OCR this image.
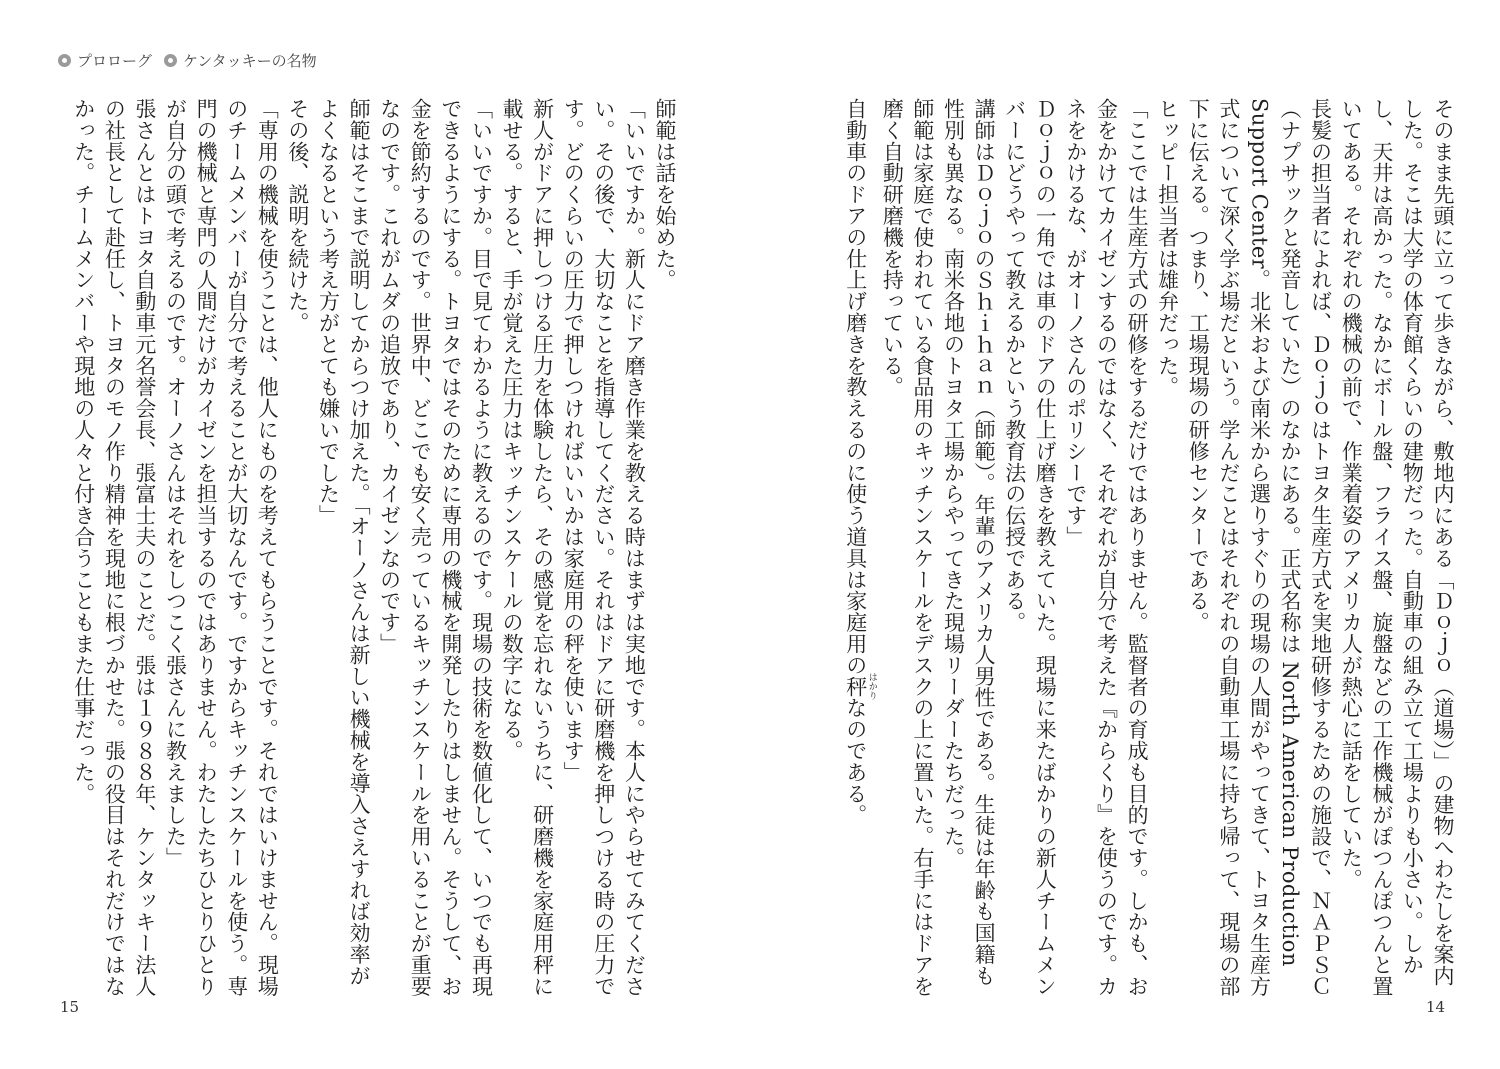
プロローグ ケンタッキーの名物

師範は話を始めた。

「いいですか。新人にドア磨き作業を教える時はまずは実地です。本人にやらせてみてください。その後で、大切なことを指導してください。それはドアに研磨機を押しつける時の圧力です。どのくらいの圧力で押しつければいいかは家庭用の秤を使います」

新人がドアに押しつける圧力を体験したら、その感覚を忘れないうちに、研磨機を家庭用秤に載せる。すると、手が覚えた圧力はキッチンスケールの数字になる。

「いいですか。目で見てわかるように教えるのです。現場の技術を数値化して、いつでも再現できるようにする。トヨタではそのために専用の機械を開発したりはしません。そうして、お金を節約するのです。世界中、どこでも安く売っているキッチンスケールを用いることが重要なのです。これがムダの追放であり、カイゼンなのです」

師範はそこまで説明してからつけ加えた。「オーノさんは新しい機械を導入さえすれば効率がよくなるという考え方がとても嫌いでした」

その後、説明を続けた。

「専用の機械を使うことは、他人にものを考えてもらうことです。それではいけません。現場のチームメンバーが自分で考えることが大切なんです。ですからキッチンスケールを使う。専門の機械と専門の人間だけがカイゼンを担当するのではありません。わたしたちひとりひとりが自分の頭で考えるのです。オーノさんはそれをしつこく張さんに教えました」

張さんとはトヨタ自動車元名誉会長、張富士夫のことだ。張は１９８８年、ケンタッキー法人の社長として赴任し、トヨタのモノ作り精神を現地に根づかせた。張の役目はそれだけではなかった。チームメンバーや現地の人々と付き合うこともまた仕事だった。	そのまま先頭に立って歩きながら、敷地内にある「Ｄｏｊｏ（道場）」の建物へわたしを案内した。そこは大学の体育館くらいの建物だった。自動車の組み立て工場よりも小さい。しかし、天井は高かった。なかにボール盤、フライス盤、旋盤などの工作機械がぽつんぽつんと置いてある。それぞれの機械の前で、作業着姿のアメリカ人が熱心に話をしていた。

長髪の担当者によれば、Ｄｏｊｏはトヨタ生産方式を実地研修するための施設で、ＮＡＰＳＣ（ナプサックと発音していた）のなかにある。正式名称は North American Production Support Center。北米および南米から選りすぐりの現場の人間がやってきて、トヨタ生産方式について深く学ぶ場だという。学んだことはそれぞれの自動車工場に持ち帰って、現場の部下に伝える。つまり、工場現場の研修センターである。

ヒッピー担当者は雄弁だった。

「ここでは生産方式の研修をするだけではありません。監督者の育成も目的です。しかも、お金をかけてカイゼンするのではなく、それぞれが自分で考えた『からくり』を使うのです。カネをかけるな、がオーノさんのポリシーです」

Ｄｏｊｏの一角では車のドアの仕上げ磨きを教えていた。現場に来たばかりの新人チームメンバーにどうやって教えるかという教育法の伝授である。

講師はＤｏｊｏのＳｈｉｈａｎ（師範）。年輩のアメリカ人男性である。生徒は年齢も国籍も性別も異なる。南米各地のトヨタ工場からやってきた現場リーダーたちだった。

師範は家庭で使われている食品用のキッチンスケールをデスクの上に置いた。右手にはドアを磨く自動研磨機を持っている。

自動車のドアの仕上げ磨きを教えるのに使う道具は家庭用の秤 はかりなのである。

15	14
